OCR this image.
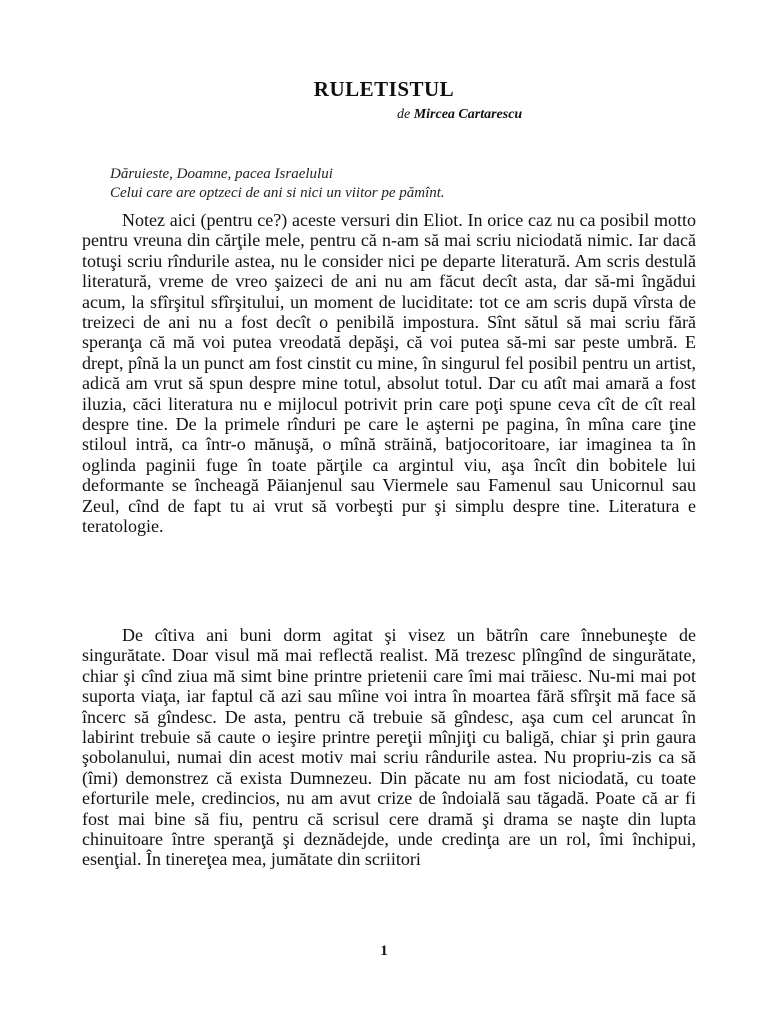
RULETISTUL
de Mircea Cartarescu
Dăruieste, Doamne, pacea Israelului
Celui care are optzeci de ani si nici un viitor pe pămînt.

Notez aici (pentru ce?) aceste versuri din Eliot. In orice caz nu ca posibil motto pentru vreuna din cărţile mele, pentru că n-am să mai scriu niciodată nimic. Iar dacă totuşi scriu rîndurile astea, nu le consider nici pe departe literatură. Am scris destulă literatură, vreme de vreo şaizeci de ani nu am făcut decît asta, dar să-mi îngădui acum, la sfîrşitul sfîrşitului, un moment de luciditate: tot ce am scris după vîrsta de treizeci de ani nu a fost decît o penibilă impostura. Sînt sătul să mai scriu fără speranţa că mă voi putea vreodată depăşi, că voi putea să-mi sar peste umbră. E drept, pînă la un punct am fost cinstit cu mine, în singurul fel posibil pentru un artist, adică am vrut să spun despre mine totul, absolut totul. Dar cu atît mai amară a fost iluzia, căci literatura nu e mijlocul potrivit prin care poţi spune ceva cît de cît real despre tine. De la primele rînduri pe care le aşterni pe pagina, în mîna care ţine stiloul intră, ca într-o mănuşă, o mînă străină, batjocoritoare, iar imaginea ta în oglinda paginii fuge în toate părţile ca argintul viu, aşa încît din bobitele lui deformante se încheagă Păianjenul sau Viermele sau Famenul sau Unicornul sau Zeul, cînd de fapt tu ai vrut să vorbeşti pur şi simplu despre tine. Literatura e teratologie.

De cîtiva ani buni dorm agitat şi visez un bătrîn care înnebuneşte de singurătate. Doar visul mă mai reflectă realist. Mă trezesc plîngînd de singurătate, chiar şi cînd ziua mă simt bine printre prietenii care îmi mai trăiesc. Nu-mi mai pot suporta viaţa, iar faptul că azi sau mîine voi intra în moartea fără sfîrşit mă face să încerc să gîndesc. De asta, pentru că trebuie să gîndesc, aşa cum cel aruncat în labirint trebuie să caute o ieşire printre pereţii mînjiţi cu baligă, chiar şi prin gaura şobolanului, numai din acest motiv mai scriu rândurile astea. Nu propriu-zis ca să (îmi) demonstrez că exista Dumnezeu. Din păcate nu am fost niciodată, cu toate eforturile mele, credincios, nu am avut crize de îndoială sau tăgadă. Poate că ar fi fost mai bine să fiu, pentru că scrisul cere dramă şi drama se naşte din lupta chinuitoare între speranţă şi deznădejde, unde credinţa are un rol, îmi închipui, esenţial. În tinereţea mea, jumătate din scriitori

1
